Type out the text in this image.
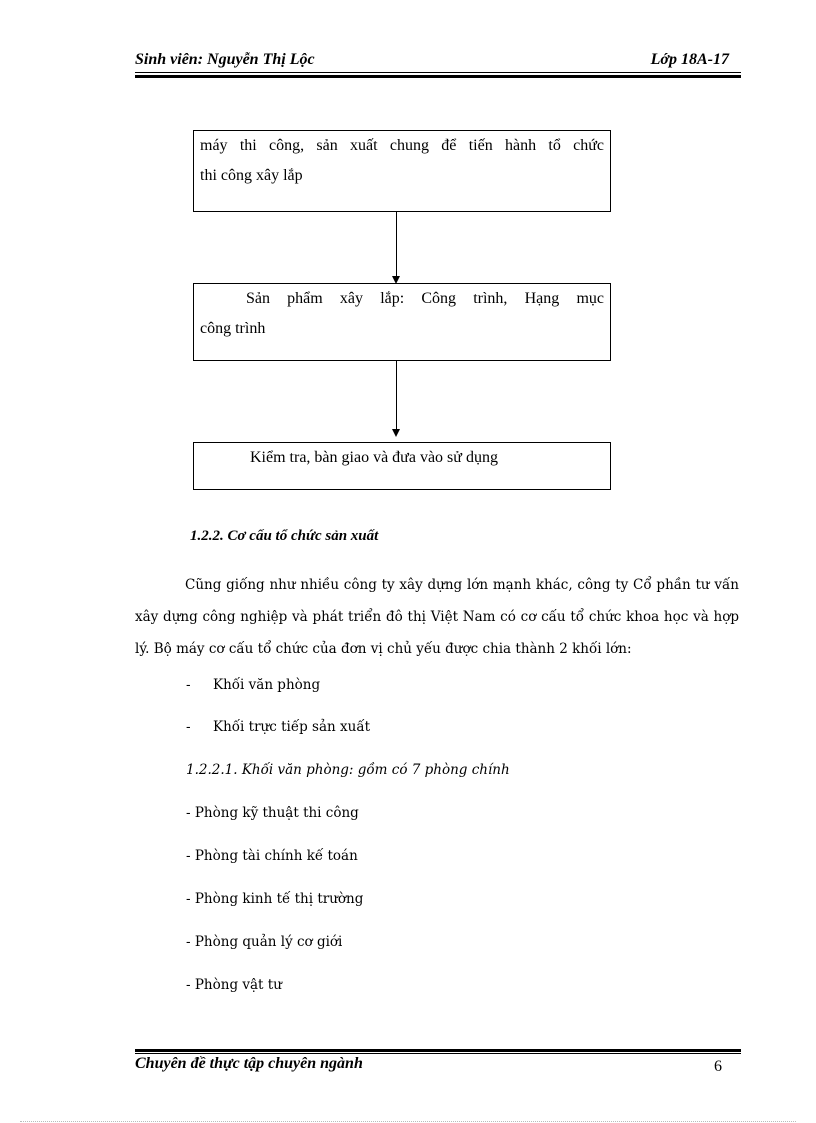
Sinh viên: Nguyễn Thị Lộc	Lớp 18A-17

máy thi công, sản xuất chung để tiến hành tổ chức

thi công xây lắp

Sản phẩm xây lắp: Công trình, Hạng mục

công trình

Kiểm tra, bàn giao và đưa vào sử dụng

1.2.2. Cơ cấu tổ chức sản xuất

Cũng giống như nhiều công ty xây dựng lớn mạnh khác, công ty Cổ phần tư vấn xây dựng công nghiệp và phát triển đô thị Việt Nam có cơ cấu tổ chức khoa học và hợp lý. Bộ máy cơ cấu tổ chức của đơn vị chủ yếu được chia thành 2 khối lớn:

- Khối văn phòng
- Khối trực tiếp sản xuất
1.2.2.1. Khối văn phòng: gồm có 7 phòng chính
- Phòng kỹ thuật thi công
- Phòng tài chính kế toán
- Phòng kinh tế thị trường
- Phòng quản lý cơ giới
- Phòng vật tư
Chuyên đề thực tập chuyên ngành	6
